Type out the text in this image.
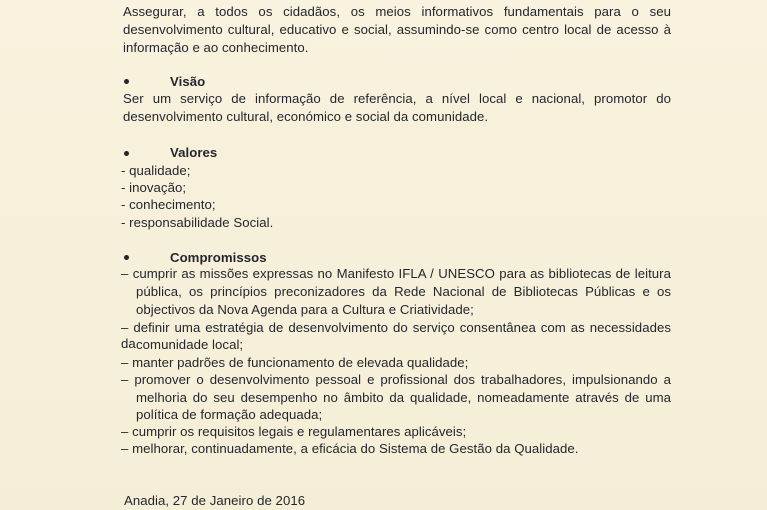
Assegurar, a todos os cidadãos, os meios informativos fundamentais para o seu
desenvolvimento cultural, educativo e social, assumindo-se como centro local de acesso à
informação e ao conhecimento.
Visão
Ser um serviço de informação de referência, a nível local e nacional, promotor do
desenvolvimento cultural, económico e social da comunidade.
Valores
- qualidade;
- inovação;
- conhecimento;
- responsabilidade Social.
Compromissos
– cumprir as missões expressas no Manifesto IFLA / UNESCO para as bibliotecas de leitura
pública, os princípios preconizadores da Rede Nacional de Bibliotecas Públicas e os
objectivos da Nova Agenda para a Cultura e Criatividade;
– definir uma estratégia de desenvolvimento do serviço consentânea com as necessidades da comunidade local;
– manter padrões de funcionamento de elevada qualidade;
– promover o desenvolvimento pessoal e profissional dos trabalhadores, impulsionando a
melhoria do seu desempenho no âmbito da qualidade, nomeadamente através de uma
política de formação adequada;
– cumprir os requisitos legais e regulamentares aplicáveis;
– melhorar, continuadamente, a eficácia do Sistema de Gestão da Qualidade.
Anadia, 27 de Janeiro de 2016
